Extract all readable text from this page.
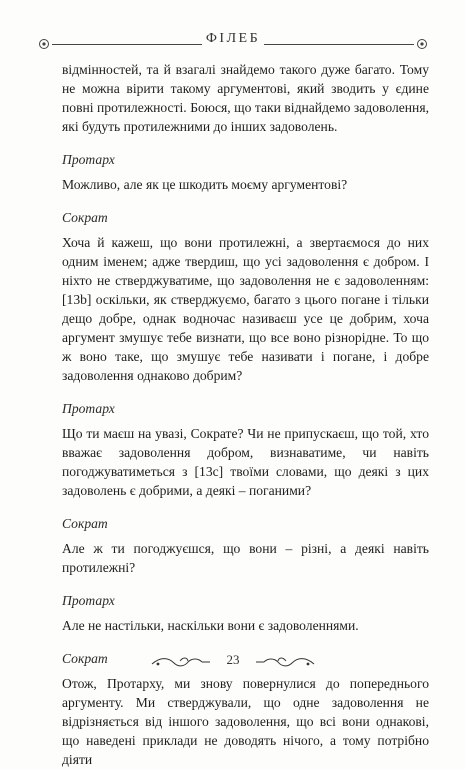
ФІЛЕБ

відмінностей, та й взагалі знайдемо такого дуже багато. Тому не можна вірити такому аргументові, який зводить у єдине повні протилежності. Боюся, що таки віднайдемо задоволення, які будуть протилежними до інших задоволень.

Протарх

Можливо, але як це шкодить моєму аргументові?

Сократ

Хоча й кажеш, що вони протилежні, а звертаємося до них одним іменем; адже твердиш, що усі задоволення є добром. І ніхто не стверджуватиме, що задоволення не є задоволенням: [13b] оскільки, як стверджуємо, багато з цього погане і тільки дещо добре, однак водночас називаєш усе це добрим, хоча аргумент змушує тебе визнати, що все воно різнорідне. То що ж воно таке, що змушує тебе називати і погане, і добре задоволення однаково добрим?

Протарх

Що ти маєш на увазі, Сократе? Чи не припускаєш, що той, хто вважає задоволення добром, визнаватиме, чи навіть погоджуватиметься з [13c] твоїми словами, що деякі з цих задоволень є добрими, а деякі – поганими?

Сократ

Але ж ти погоджуєшся, що вони – різні, а деякі навіть протилежні?

Протарх

Але не настільки, наскільки вони є задоволеннями.

Сократ

Отож, Протарху, ми знову повернулися до попереднього аргументу. Ми стверджували, що одне задоволення не відрізняється від іншого задоволення, що всі вони однакові, що наведені приклади не доводять нічого, а тому потрібно діяти

23
